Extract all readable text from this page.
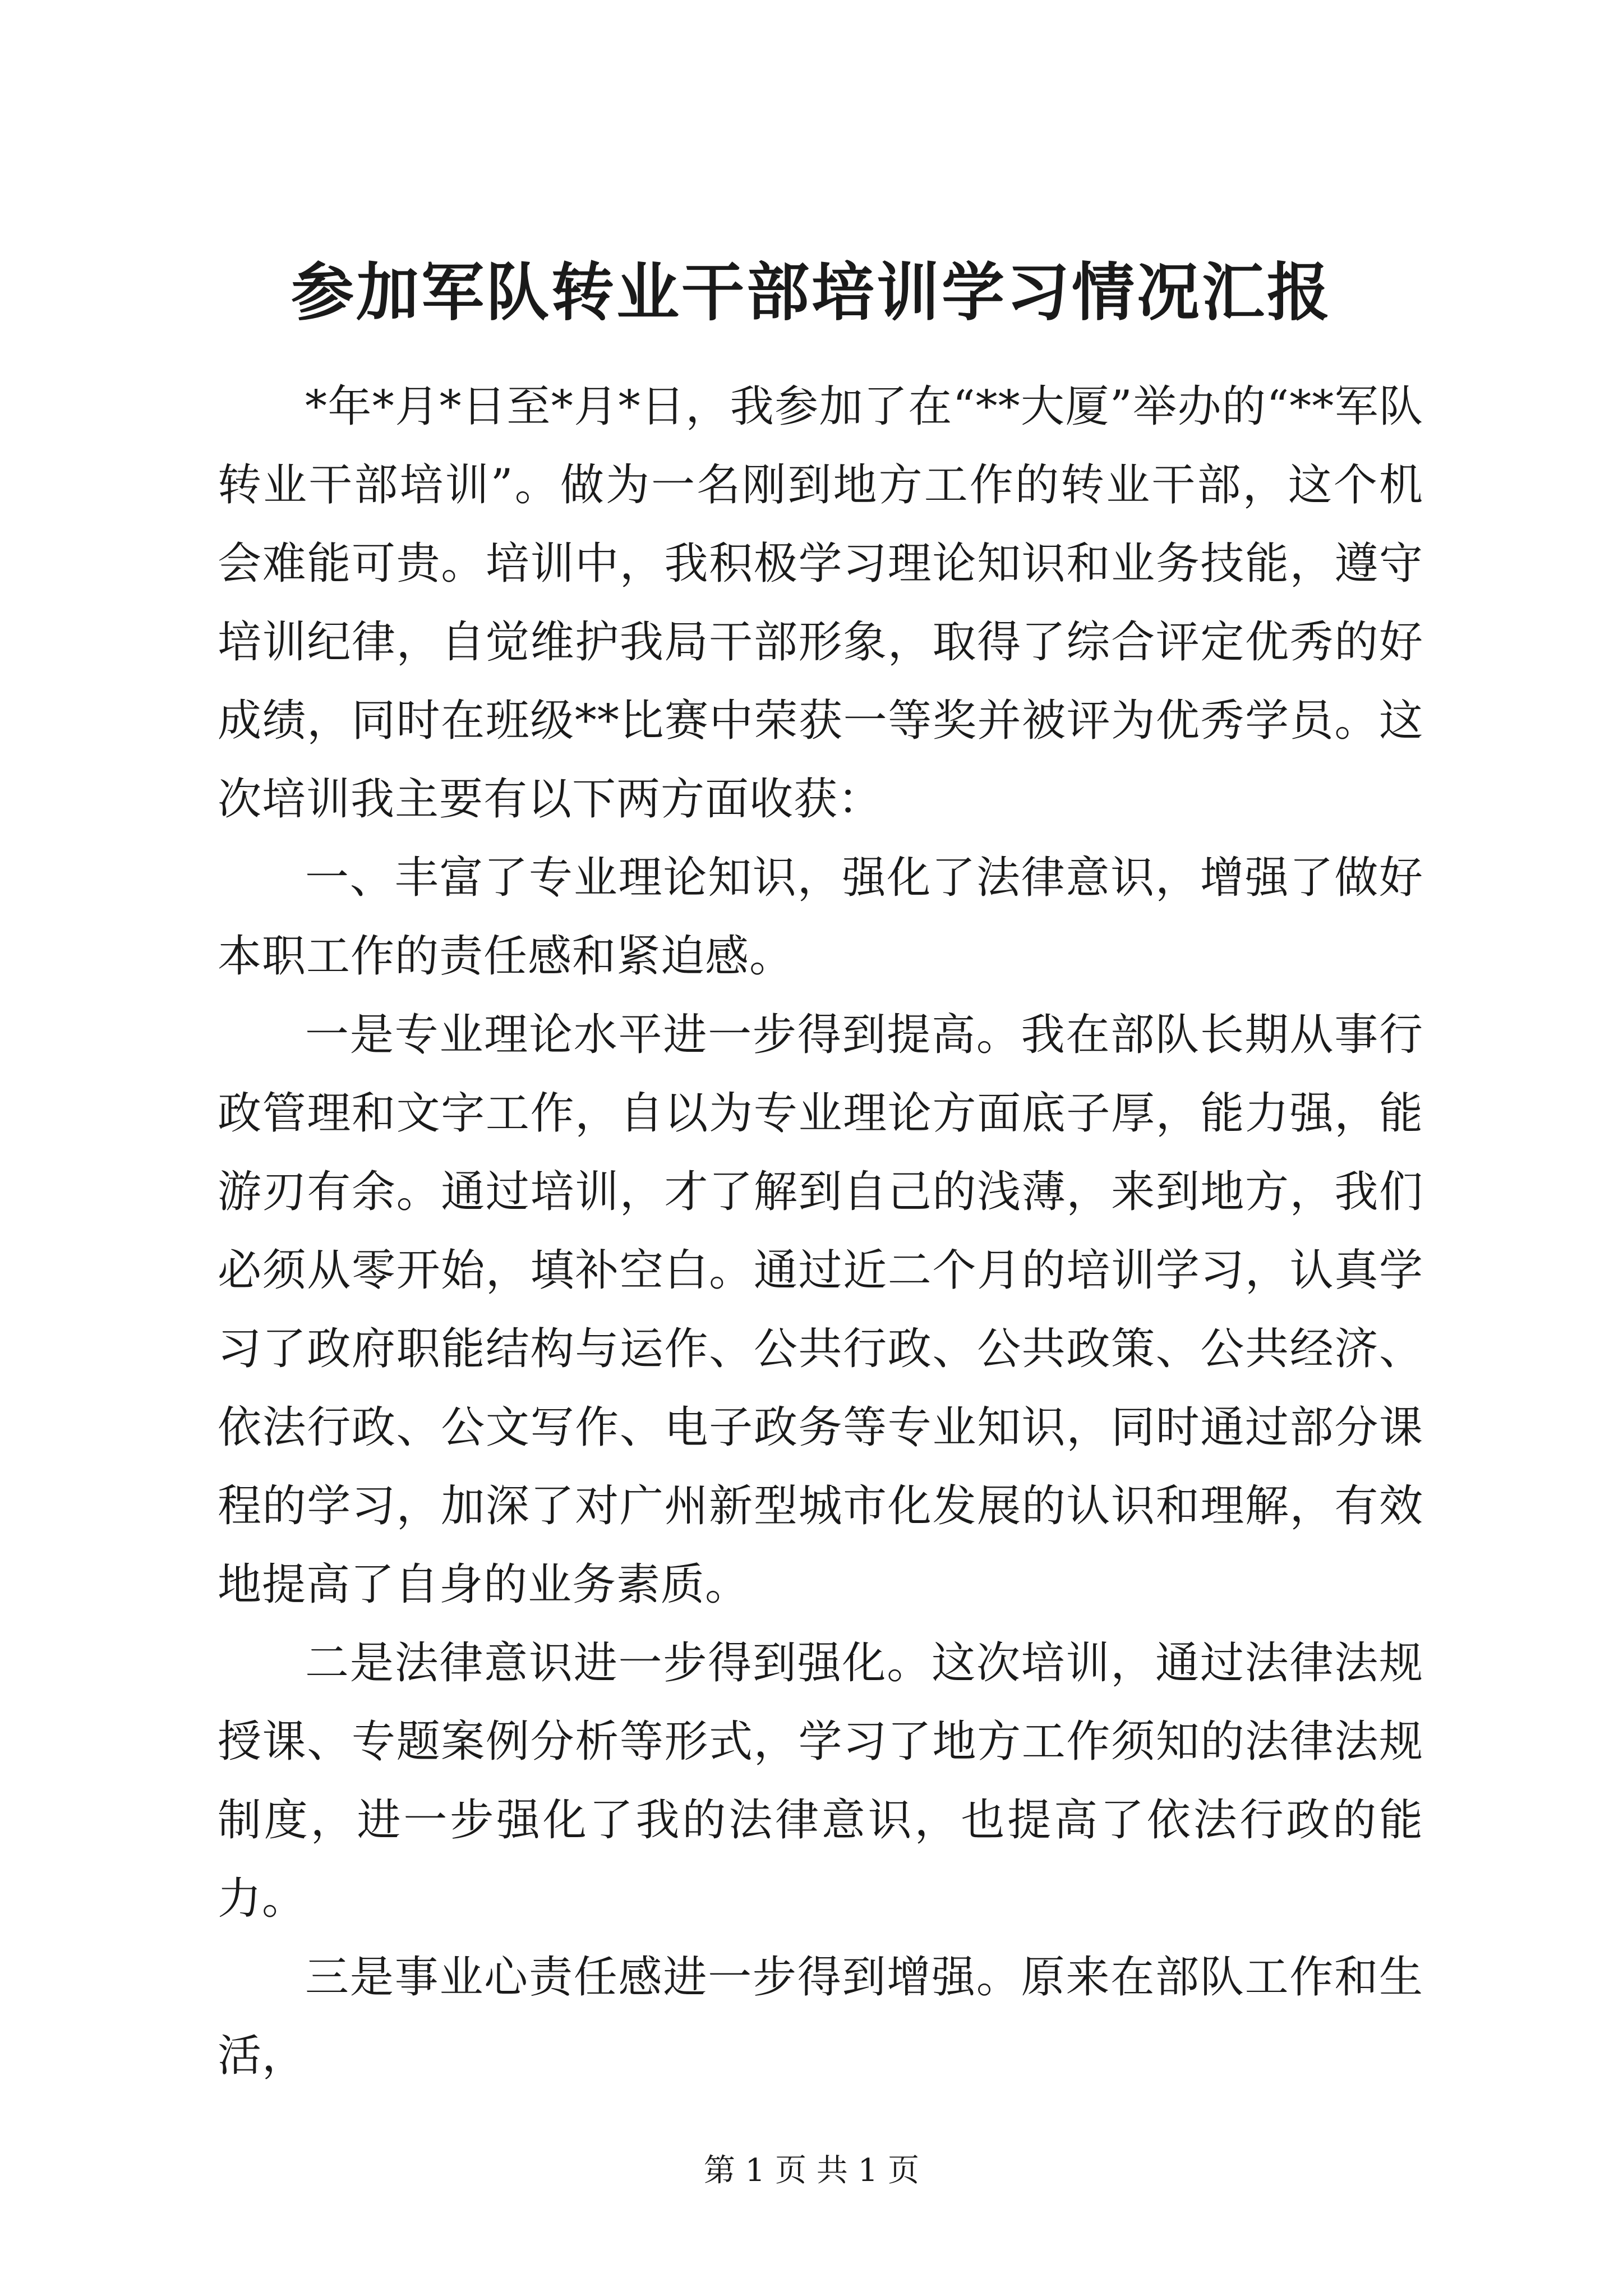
参加军队转业干部培训学习情况汇报

*年*月*日至*月*日，我参加了在“**大厦”举办的“**军队转业干部培训”。做为一名刚到地方工作的转业干部，这个机会难能可贵。培训中，我积极学习理论知识和业务技能，遵守培训纪律，自觉维护我局干部形象，取得了综合评定优秀的好成绩，同时在班级**比赛中荣获一等奖并被评为优秀学员。这次培训我主要有以下两方面收获：

一、丰富了专业理论知识，强化了法律意识，增强了做好本职工作的责任感和紧迫感。

一是专业理论水平进一步得到提高。我在部队长期从事行政管理和文字工作，自以为专业理论方面底子厚，能力强，能游刃有余。通过培训，才了解到自己的浅薄，来到地方，我们必须从零开始，填补空白。通过近二个月的培训学习，认真学习了政府职能结构与运作、公共行政、公共政策、公共经济、依法行政、公文写作、电子政务等专业知识，同时通过部分课程的学习，加深了对广州新型城市化发展的认识和理解，有效地提高了自身的业务素质。

二是法律意识进一步得到强化。这次培训，通过法律法规授课、专题案例分析等形式，学习了地方工作须知的法律法规制度，进一步强化了我的法律意识，也提高了依法行政的能力。

三是事业心责任感进一步得到增强。原来在部队工作和生活，

第 1 页 共 1 页
